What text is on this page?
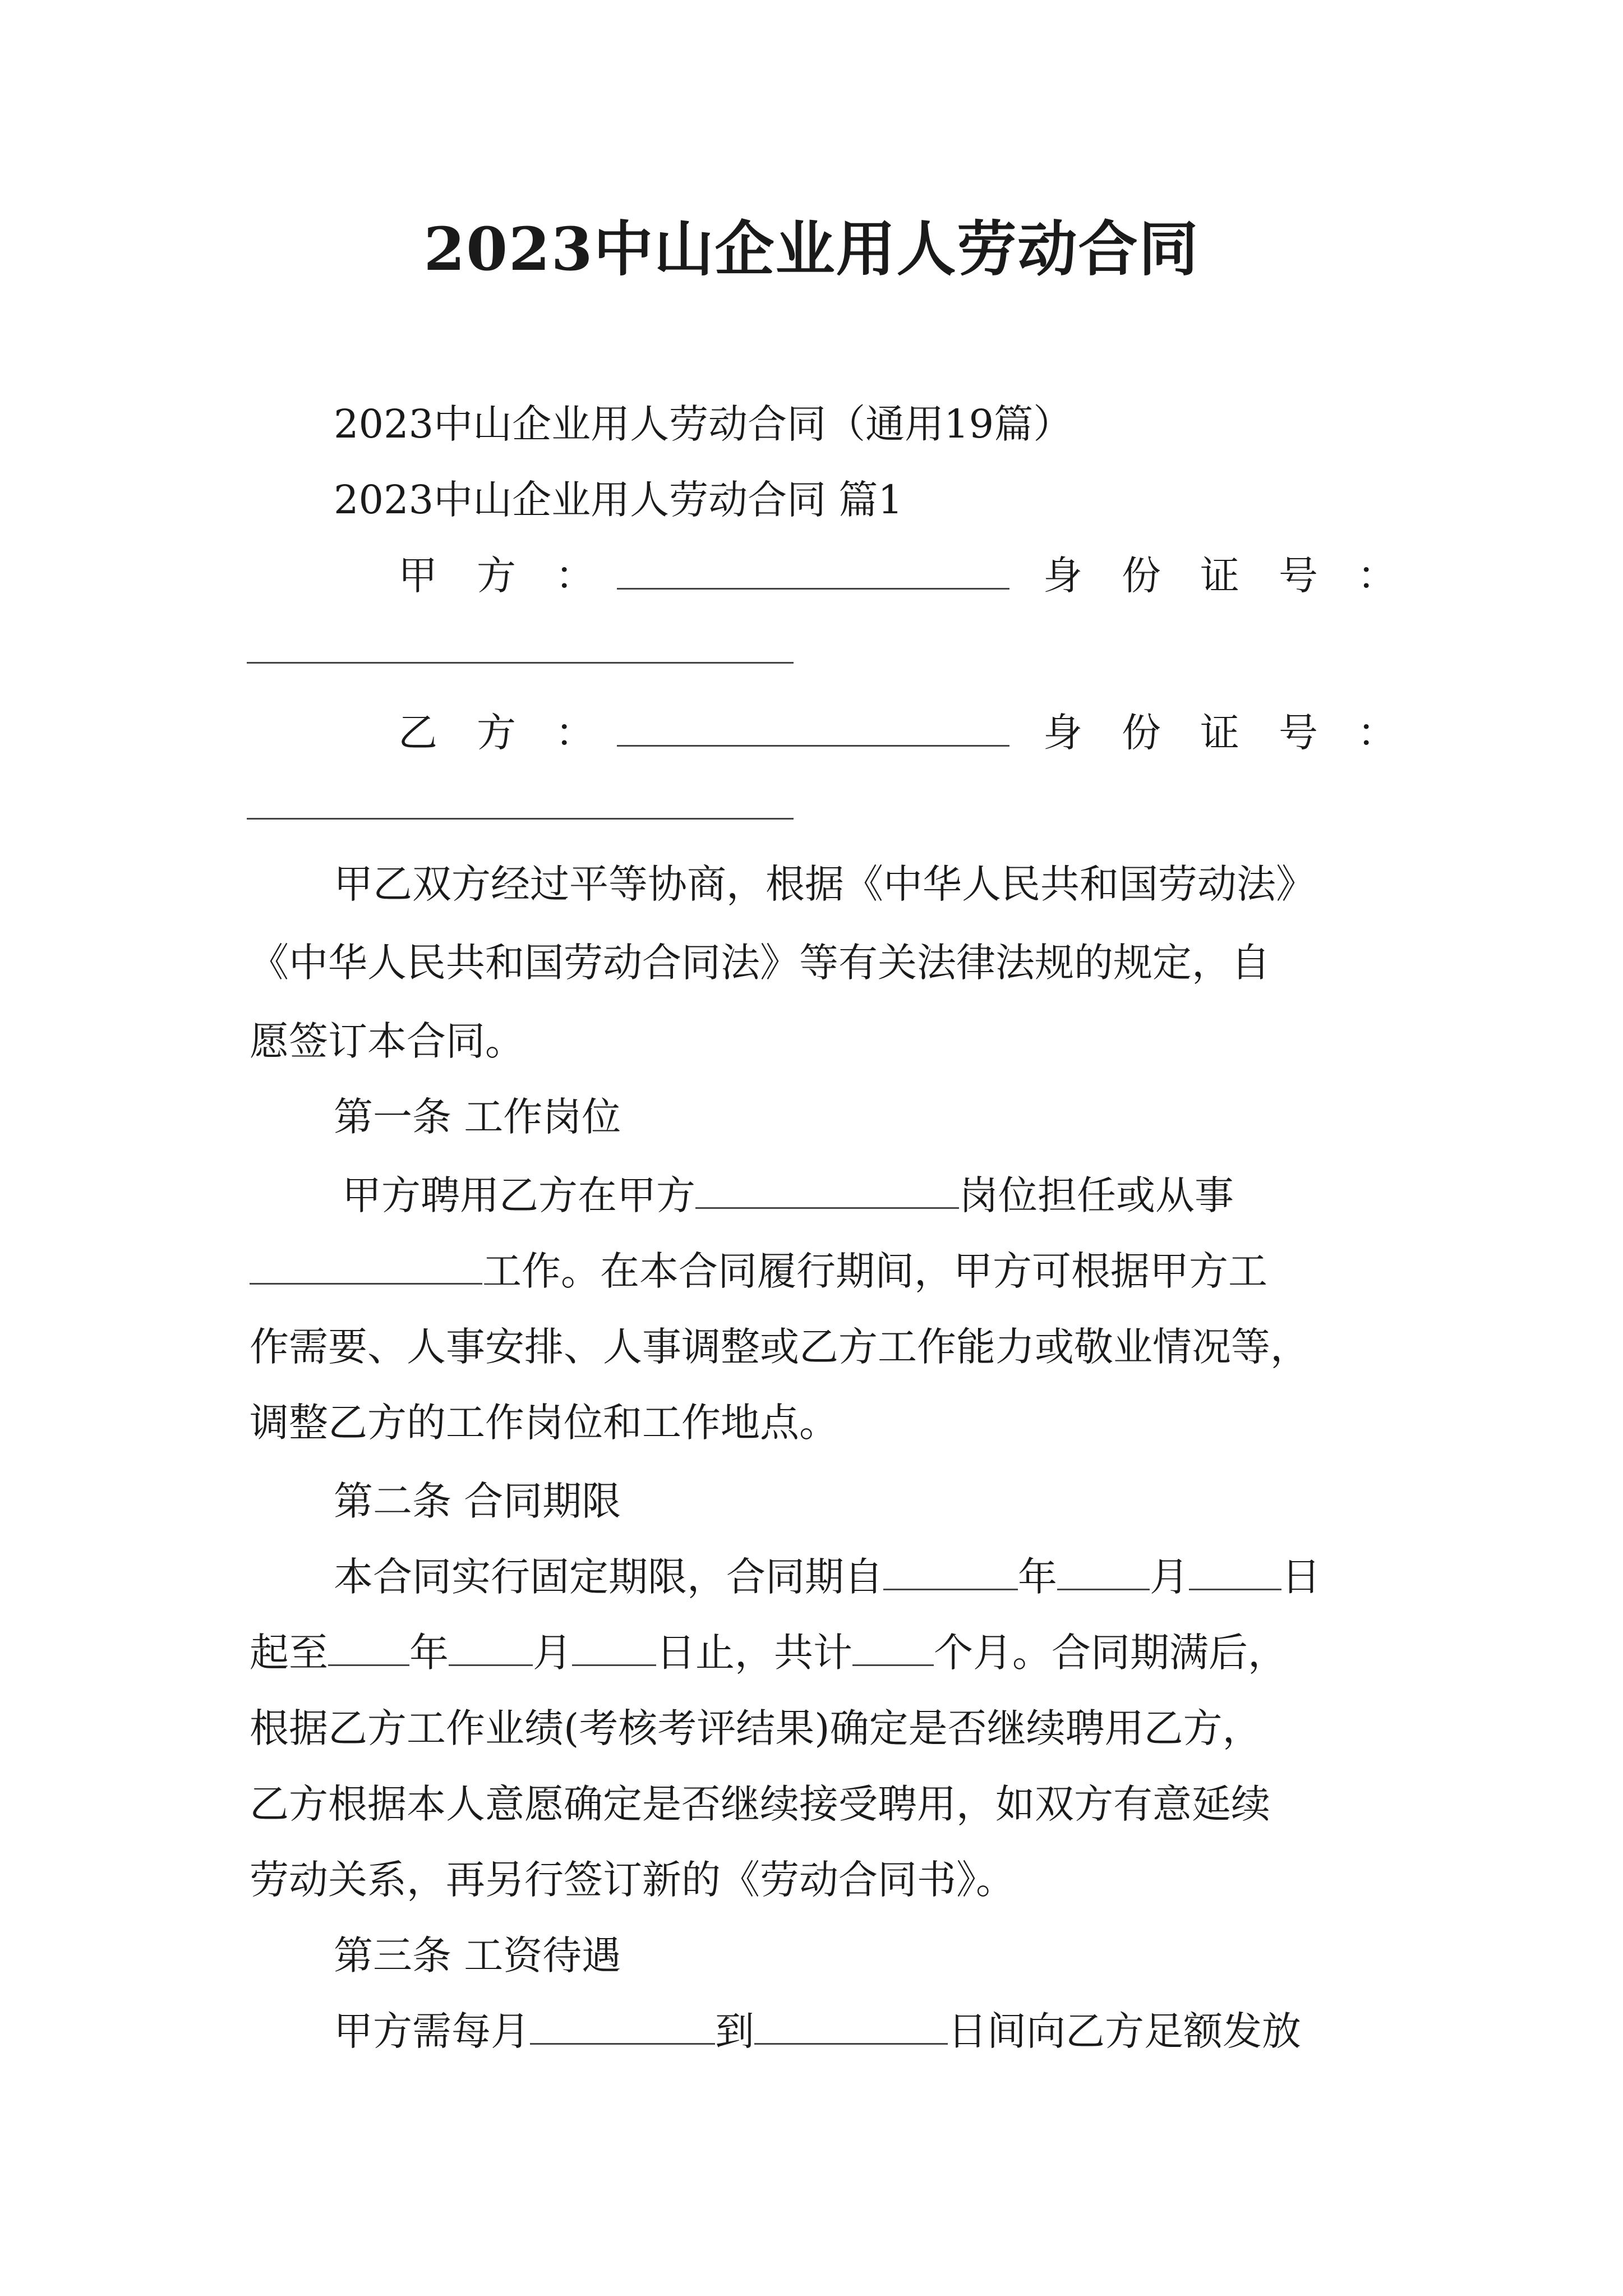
2023中山企业用人劳动合同
2023中山企业用人劳动合同（通用19篇）
2023中山企业用人劳动合同 篇1
甲　方　：	身　份　证　号　：
乙　方　：	身　份　证　号　：
甲乙双方经过平等协商，根据《中华人民共和国劳动法》
《中华人民共和国劳动合同法》等有关法律法规的规定，自
愿签订本合同。
第一条 工作岗位
甲方聘用乙方在甲方	岗位担任或从事
工作。在本合同履行期间，甲方可根据甲方工
作需要、人事安排、人事调整或乙方工作能力或敬业情况等，
调整乙方的工作岗位和工作地点。
第二条 合同期限
本合同实行固定期限，合同期自	年 月 日
起至 年 月 日止，共计 个月。合同期满后，
根据乙方工作业绩(考核考评结果)确定是否继续聘用乙方，
乙方根据本人意愿确定是否继续接受聘用，如双方有意延续
劳动关系，再另行签订新的《劳动合同书》。
第三条 工资待遇
甲方需每月	到	日间向乙方足额发放
